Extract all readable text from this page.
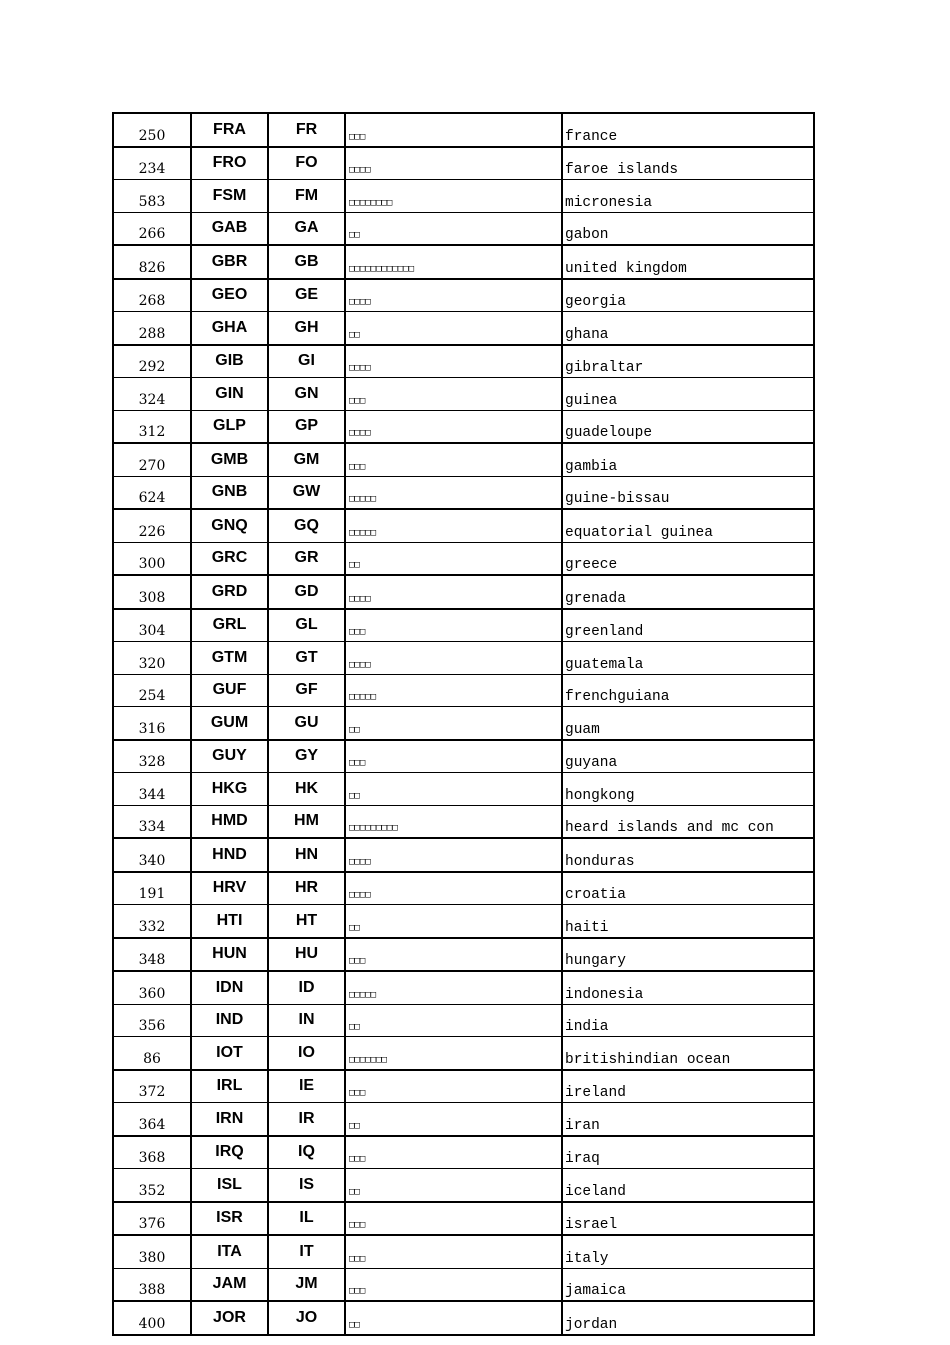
250	FRA	FR	□□□	france
234	FRO	FO	□□□□	faroe islands
583	FSM	FM	□□□□□□□□	micronesia
266	GAB	GA	□□	gabon
826	GBR	GB	□□□□□□□□□□□□	united kingdom
268	GEO	GE	□□□□	georgia
288	GHA	GH	□□	ghana
292	GIB	GI	□□□□	gibraltar
324	GIN	GN	□□□	guinea
312	GLP	GP	□□□□	guadeloupe
270	GMB	GM	□□□	gambia
624	GNB	GW	□□□□□	guine-bissau
226	GNQ	GQ	□□□□□	equatorial guinea
300	GRC	GR	□□	greece
308	GRD	GD	□□□□	grenada
304	GRL	GL	□□□	greenland
320	GTM	GT	□□□□	guatemala
254	GUF	GF	□□□□□	frenchguiana
316	GUM	GU	□□	guam
328	GUY	GY	□□□	guyana
344	HKG	HK	□□	hongkong
334	HMD	HM	□□□□□□□□□	heard islands and mc con
340	HND	HN	□□□□	honduras
191	HRV	HR	□□□□	croatia
332	HTI	HT	□□	haiti
348	HUN	HU	□□□	hungary
360	IDN	ID	□□□□□	indonesia
356	IND	IN	□□	india
86	IOT	IO	□□□□□□□	britishindian ocean
372	IRL	IE	□□□	ireland
364	IRN	IR	□□	iran
368	IRQ	IQ	□□□	iraq
352	ISL	IS	□□	iceland
376	ISR	IL	□□□	israel
380	ITA	IT	□□□	italy
388	JAM	JM	□□□	jamaica
400	JOR	JO	□□	jordan
